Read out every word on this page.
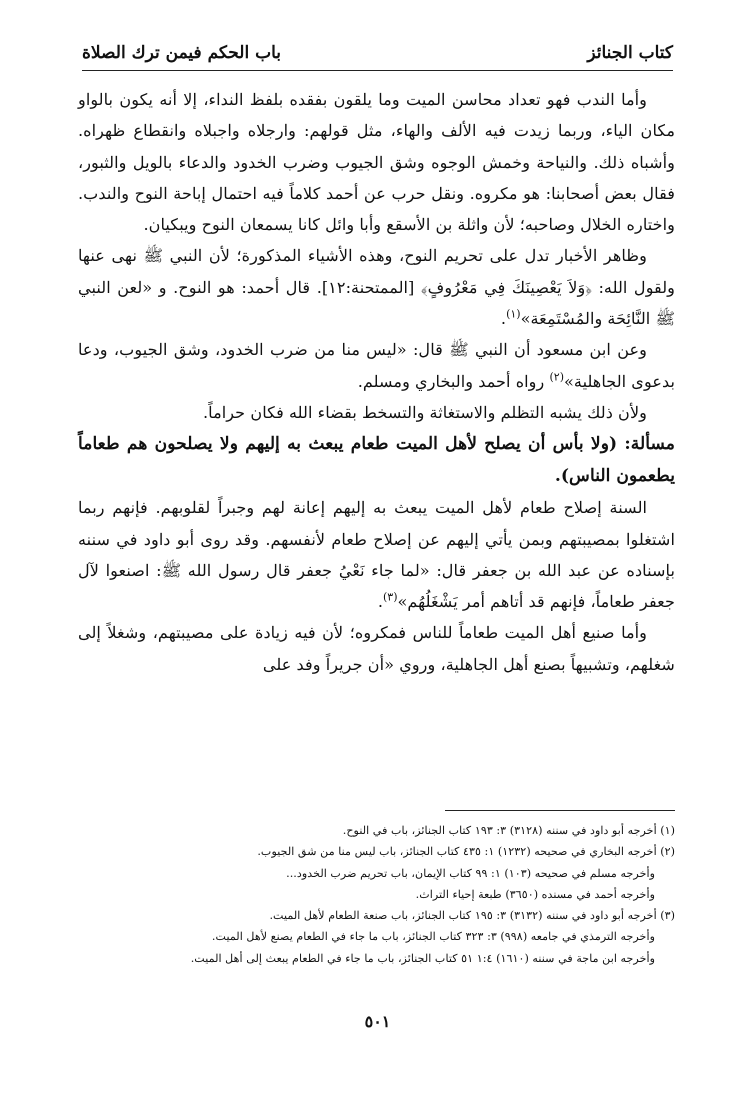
كتاب الجنائز
باب الحكم فيمن ترك الصلاة

وأما الندب فهو تعداد محاسن الميت وما يلقون بفقده بلفظ النداء، إلا أنه يكون بالواو مكان الياء، وربما زيدت فيه الألف والهاء، مثل قولهم: وارجلاه واجبلاه وانقطاع ظهراه. وأشباه ذلك. والنياحة وخمش الوجوه وشق الجيوب وضرب الخدود والدعاء بالويل والثبور، فقال بعض أصحابنا: هو مكروه. ونقل حرب عن أحمد كلاماً فيه احتمال إباحة النوح والندب. واختاره الخلال وصاحبه؛ لأن واثلة بن الأسقع وأبا وائل كانا يسمعان النوح ويبكيان.

وظاهر الأخبار تدل على تحريم النوح، وهذه الأشياء المذكورة؛ لأن النبي ﷺ نهى عنها ولقول الله: ﴿وَلاَ يَعْصِينَكَ فِي مَعْرُوفٍ﴾ [الممتحنة:١٢]. قال أحمد: هو النوح. و «لعن النبي ﷺ النَّائِحَة والمُسْتَمِعَة»$^{(١)}$.

وعن ابن مسعود أن النبي ﷺ قال: «ليس منا من ضرب الخدود، وشق الجيوب، ودعا بدعوى الجاهلية»$^{(٢)}$ رواه أحمد والبخاري ومسلم.

ولأن ذلك يشبه التظلم والاستغاثة والتسخط بقضاء الله فكان حراماً.

مسألة: (ولا بأس أن يصلح لأهل الميت طعام يبعث به إليهم ولا يصلحون هم طعاماً يطعمون الناس).

السنة إصلاح طعام لأهل الميت يبعث به إليهم إعانة لهم وجبراً لقلوبهم. فإنهم ربما اشتغلوا بمصيبتهم وبمن يأتي إليهم عن إصلاح طعام لأنفسهم. وقد روى أبو داود في سننه بإسناده عن عبد الله بن جعفر قال: «لما جاء نَعْيُ جعفر قال رسول الله ﷺ: اصنعوا لآل جعفر طعاماً، فإنهم قد أتاهم أمر يَشْغَلُهُم»$^{(٣)}$.

وأما صنيع أهل الميت طعاماً للناس فمكروه؛ لأن فيه زيادة على مصيبتهم، وشغلاً إلى شغلهم، وتشبيهاً بصنع أهل الجاهلية، وروي «أن جريراً وفد على

(١) أخرجه أبو داود في سننه (٣١٢٨) ٣: ١٩٣ كتاب الجنائز، باب في النوح.

(٢) أخرجه البخاري في صحيحه (١٢٣٢) ١: ٤٣٥ كتاب الجنائز، باب ليس منا من شق الجيوب.

وأخرجه مسلم في صحيحه (١٠٣) ١: ٩٩ كتاب الإيمان، باب تحريم ضرب الخدود...

وأخرجه أحمد في مسنده (٣٦٥٠) طبعة إحياء التراث.

(٣) أخرجه أبو داود في سننه (٣١٣٢) ٣: ١٩٥ كتاب الجنائز، باب صنعة الطعام لأهل الميت.

وأخرجه الترمذي في جامعه (٩٩٨) ٣: ٣٢٣ كتاب الجنائز، باب ما جاء في الطعام يصنع لأهل الميت.

وأخرجه ابن ماجة في سننه (١٦١٠) ١:٤ ٥١ كتاب الجنائز، باب ما جاء في الطعام يبعث إلى أهل الميت.

٥٠١
